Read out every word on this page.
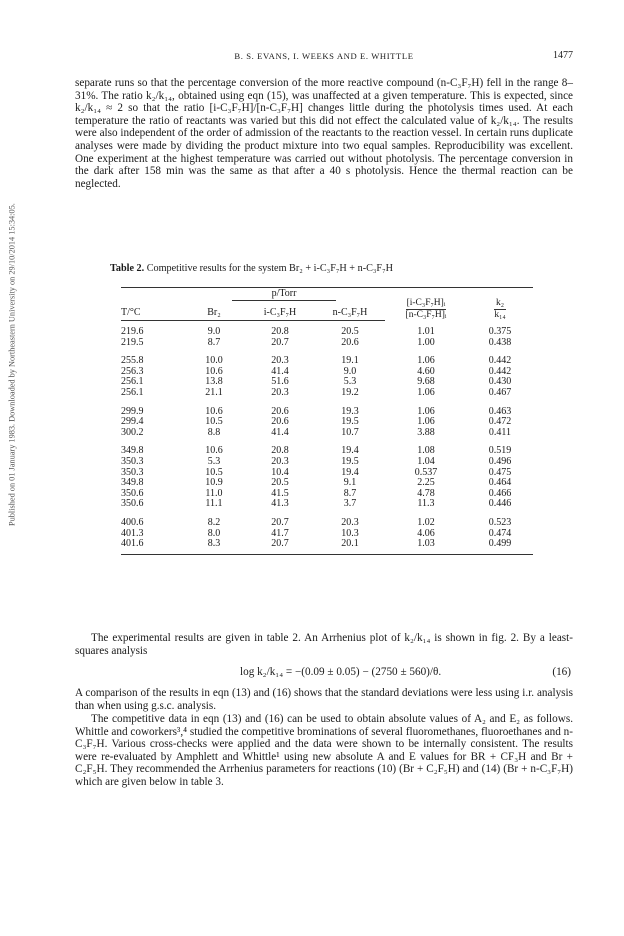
Published on 01 January 1983. Downloaded by Northeastern University on 29/10/2014 15:34:05.
B. S. EVANS, I. WEEKS AND E. WHITTLE	1477

separate runs so that the percentage conversion of the more reactive compound (n-C₃F₇H) fell in the range 8–31%. The ratio k₂/k₁₄, obtained using eqn (15), was unaffected at a given temperature. This is expected, since k₂/k₁₄ ≈ 2 so that the ratio [i-C₃F₇H]/[n-C₃F₇H] changes little during the photolysis times used. At each temperature the ratio of reactants was varied but this did not effect the calculated value of k₂/k₁₄. The results were also independent of the order of admission of the reactants to the reaction vessel. In certain runs duplicate analyses were made by dividing the product mixture into two equal samples. Reproducibility was excellent. One experiment at the highest temperature was carried out without photolysis. The percentage conversion in the dark after 158 min was the same as that after a 40 s photolysis. Hence the thermal reaction can be neglected.

Table 2. Competitive results for the system Br₂ + i-C₃F₇H + n-C₃F₇H
	p/Torr			$\frac{\text{[i-C₃F₇H]ᵢ}}{\text{[n-C₃F₇H]ᵢ}}$	$\frac{\text{k₂}}{\text{k₁₄}}$

T/°C	Br₂	i-C₃F₇H	n-C₃F₇H		
219.6	9.0	20.8	20.5	1.01	0.375
219.5	8.7	20.7	20.6	1.00	0.438
255.8	10.0	20.3	19.1	1.06	0.442
256.3	10.6	41.4	9.0	4.60	0.442
256.1	13.8	51.6	5.3	9.68	0.430
256.1	21.1	20.3	19.2	1.06	0.467
299.9	10.6	20.6	19.3	1.06	0.463
299.4	10.5	20.6	19.5	1.06	0.472
300.2	8.8	41.4	10.7	3.88	0.411
349.8	10.6	20.8	19.4	1.08	0.519
350.3	5.3	20.3	19.5	1.04	0.496
350.3	10.5	10.4	19.4	0.537	0.475
349.8	10.9	20.5	9.1	2.25	0.464
350.6	11.0	41.5	8.7	4.78	0.466
350.6	11.1	41.3	3.7	11.3	0.446
400.6	8.2	20.7	20.3	1.02	0.523
401.3	8.0	41.7	10.3	4.06	0.474
401.6	8.3	20.7	20.1	1.03	0.499

The experimental results are given in table 2. An Arrhenius plot of k₂/k₁₄ is shown in fig. 2. By a least-squares analysis

log k₂/k₁₄ = −(0.09 ± 0.05) − (2750 ± 560)/θ.	(16)

A comparison of the results in eqn (13) and (16) shows that the standard deviations were less using i.r. analysis than when using g.s.c. analysis.

The competitive data in eqn (13) and (16) can be used to obtain absolute values of A₂ and E₂ as follows. Whittle and coworkers³,⁴ studied the competitive brominations of several fluoromethanes, fluoroethanes and n-C₃F₇H. Various cross-checks were applied and the data were shown to be internally consistent. The results were re-evaluated by Amphlett and Whittle¹ using new absolute A and E values for BR + CF₃H and Br + C₂F₅H. They recommended the Arrhenius parameters for reactions (10) (Br + C₂F₅H) and (14) (Br + n-C₃F₇H) which are given below in table 3.
